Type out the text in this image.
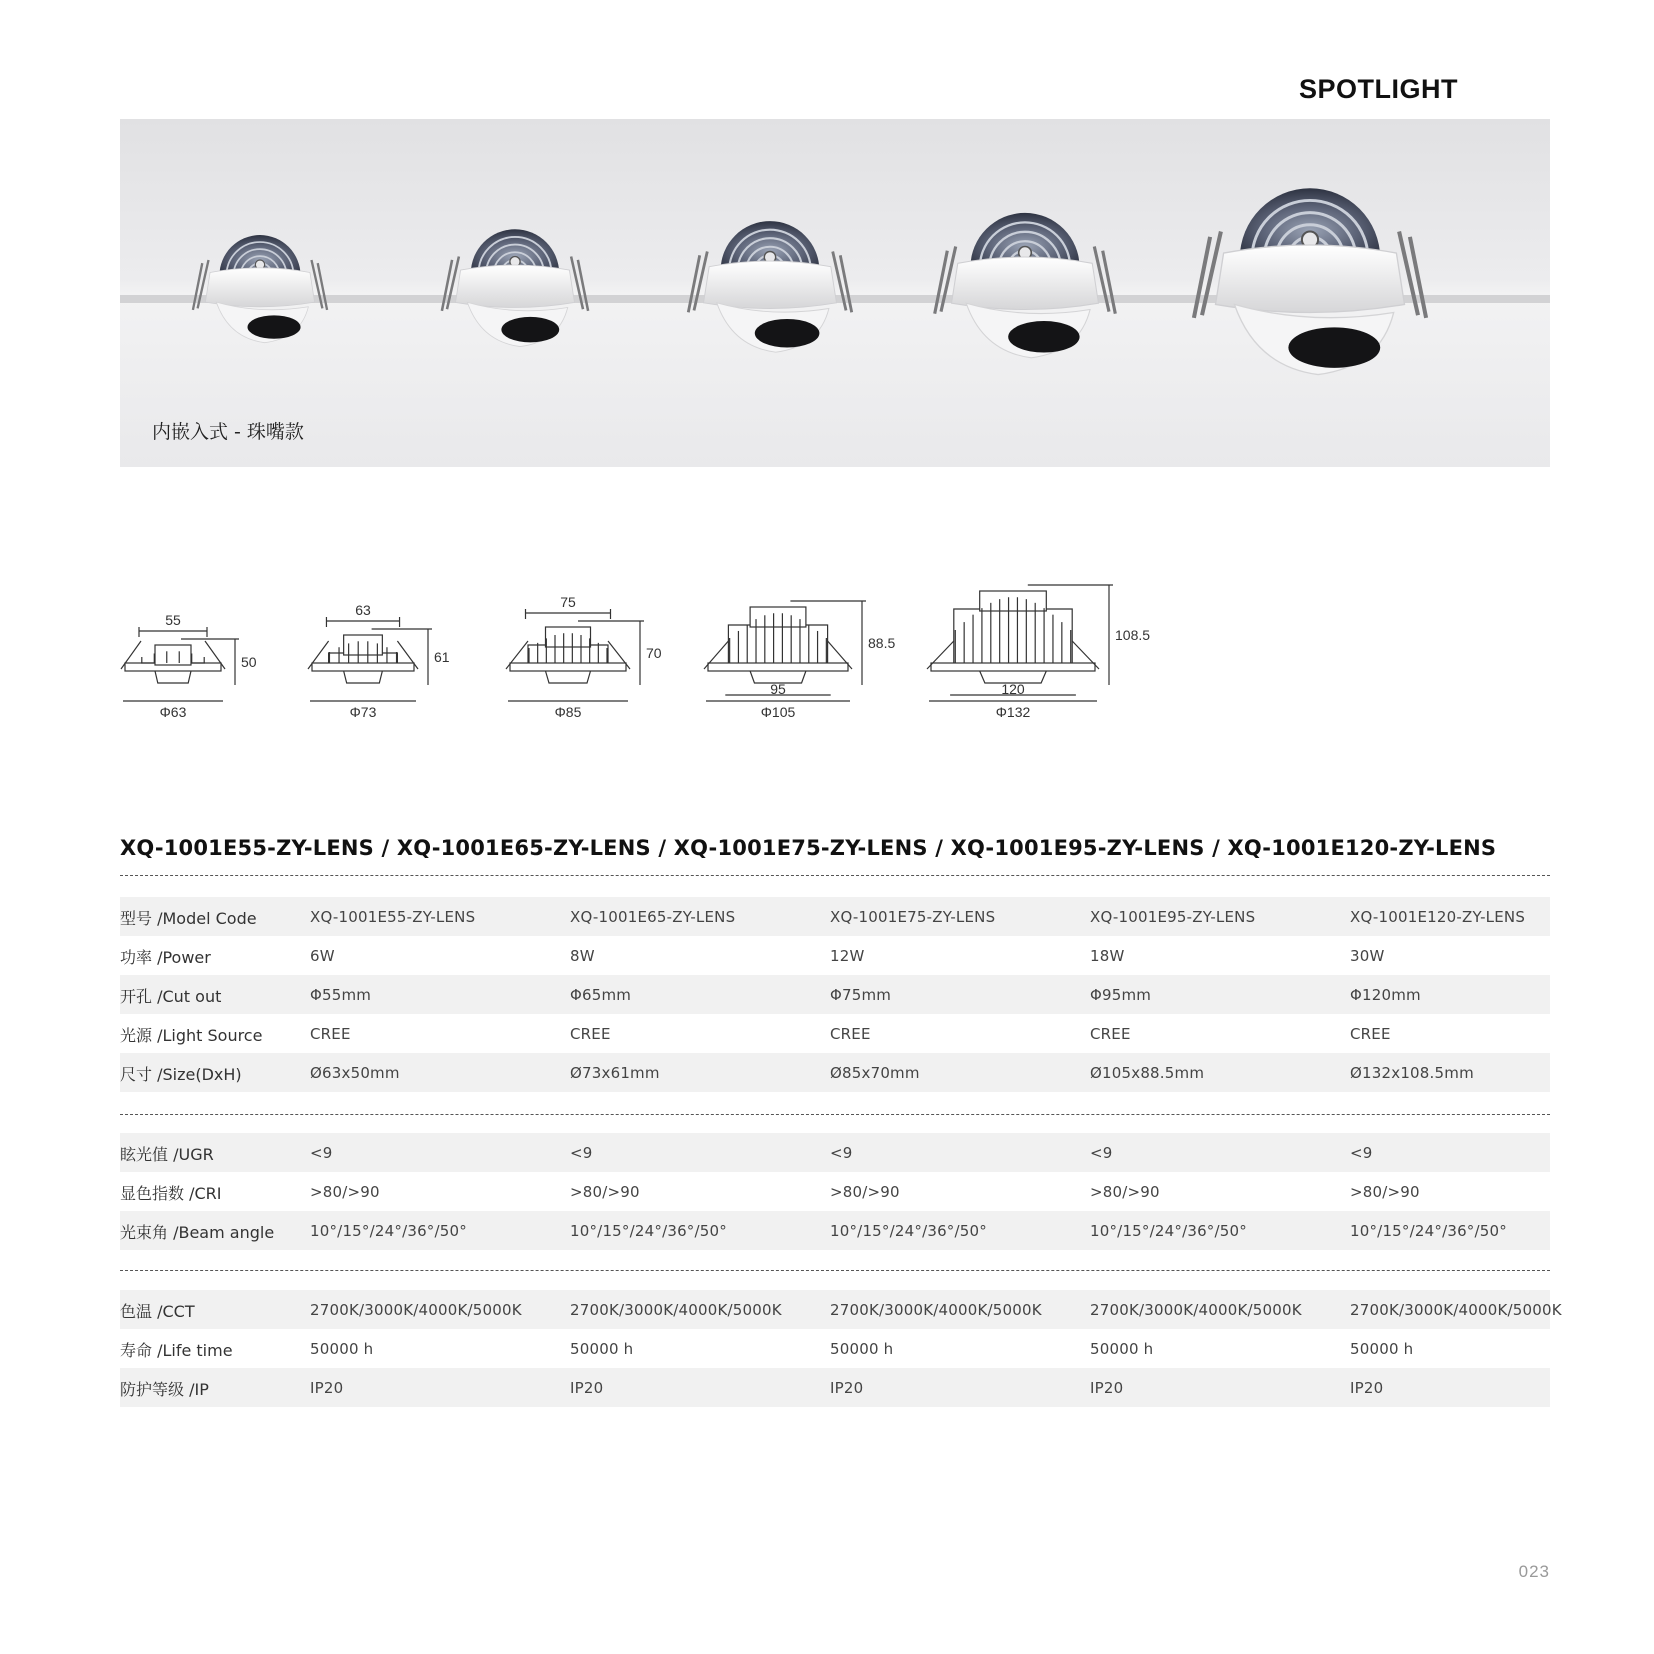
SPOTLIGHT
内嵌入式 - 珠嘴款
55
50
Φ63
63
61
Φ73
75
70
Φ85
95
88.5
Φ105
120
108.5
Φ132
XQ-1001E55-ZY-LENS / XQ-1001E65-ZY-LENS / XQ-1001E75-ZY-LENS / XQ-1001E95-ZY-LENS / XQ-1001E120-ZY-LENS
型号 /Model Code	XQ-1001E55-ZY-LENS	XQ-1001E65-ZY-LENS	XQ-1001E75-ZY-LENS	XQ-1001E95-ZY-LENS	XQ-1001E120-ZY-LENS
功率 /Power	6W	8W	12W	18W	30W
开孔 /Cut out	Φ55mm	Φ65mm	Φ75mm	Φ95mm	Φ120mm
光源 /Light Source	CREE	CREE	CREE	CREE	CREE
尺寸 /Size(DxH)	Ø63x50mm	Ø73x61mm	Ø85x70mm	Ø105x88.5mm	Ø132x108.5mm
眩光值 /UGR	<9	<9	<9	<9	<9
显色指数 /CRI	>80/>90	>80/>90	>80/>90	>80/>90	>80/>90
光束角 /Beam angle 10°/15°/24°/36°/50°	10°/15°/24°/36°/50°	10°/15°/24°/36°/50°	10°/15°/24°/36°/50°	10°/15°/24°/36°/50°
色温 /CCT	2700K/3000K/4000K/5000K	2700K/3000K/4000K/5000K	2700K/3000K/4000K/5000K	2700K/3000K/4000K/5000K	2700K/3000K/4000K/5000K
寿命 /Life time	50000 h	50000 h	50000 h	50000 h	50000 h
防护等级 /IP	IP20	IP20	IP20	IP20	IP20
023
